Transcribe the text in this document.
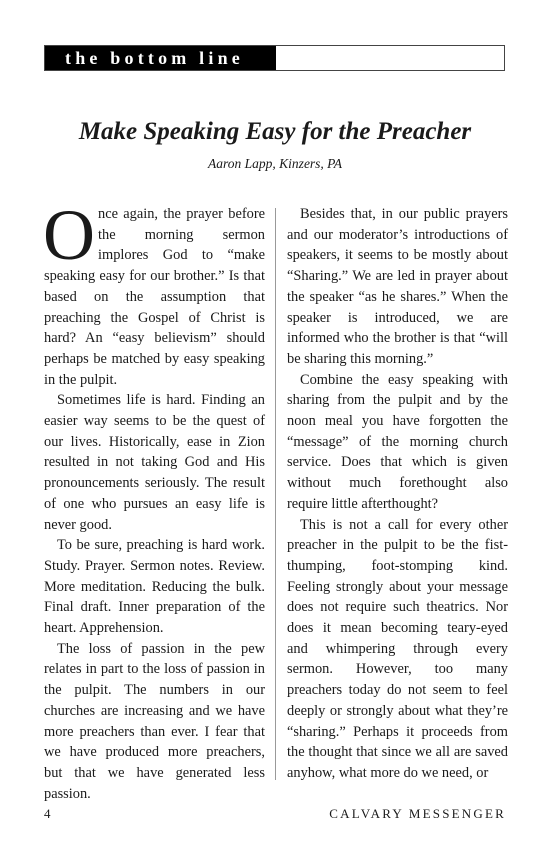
the bottom line
Make Speaking Easy for the Preacher

Aaron Lapp, Kinzers, PA

Once again, the prayer before the morning sermon implores God to “make speaking easy for our brother.” Is that based on the assumption that preaching the Gospel of Christ is hard? An “easy believism” should perhaps be matched by easy speaking in the pulpit.

Sometimes life is hard. Finding an easier way seems to be the quest of our lives. Historically, ease in Zion resulted in not taking God and His pronouncements seriously. The result of one who pursues an easy life is never good.

To be sure, preaching is hard work. Study. Prayer. Sermon notes. Review. More meditation. Reducing the bulk. Final draft. Inner preparation of the heart. Apprehension.

The loss of passion in the pew relates in part to the loss of passion in the pulpit. The numbers in our churches are increasing and we have more preachers than ever. I fear that we have produced more preachers, but that we have generated less passion.

Besides that, in our public prayers and our moderator’s introductions of speakers, it seems to be mostly about “Sharing.” We are led in prayer about the speaker “as he shares.” When the speaker is introduced, we are informed who the brother is that “will be sharing this morning.”

Combine the easy speaking with sharing from the pulpit and by the noon meal you have forgotten the “message” of the morning church service. Does that which is given without much forethought also require little afterthought?

This is not a call for every other preacher in the pulpit to be the fist-thumping, foot-stomping kind. Feeling strongly about your message does not require such theatrics. Nor does it mean becoming teary-eyed and whimpering through every sermon. However, too many preachers today do not seem to feel deeply or strongly about what they’re “sharing.” Perhaps it proceeds from the thought that since we all are saved anyhow, what more do we need, or

4	CALVARY MESSENGER
